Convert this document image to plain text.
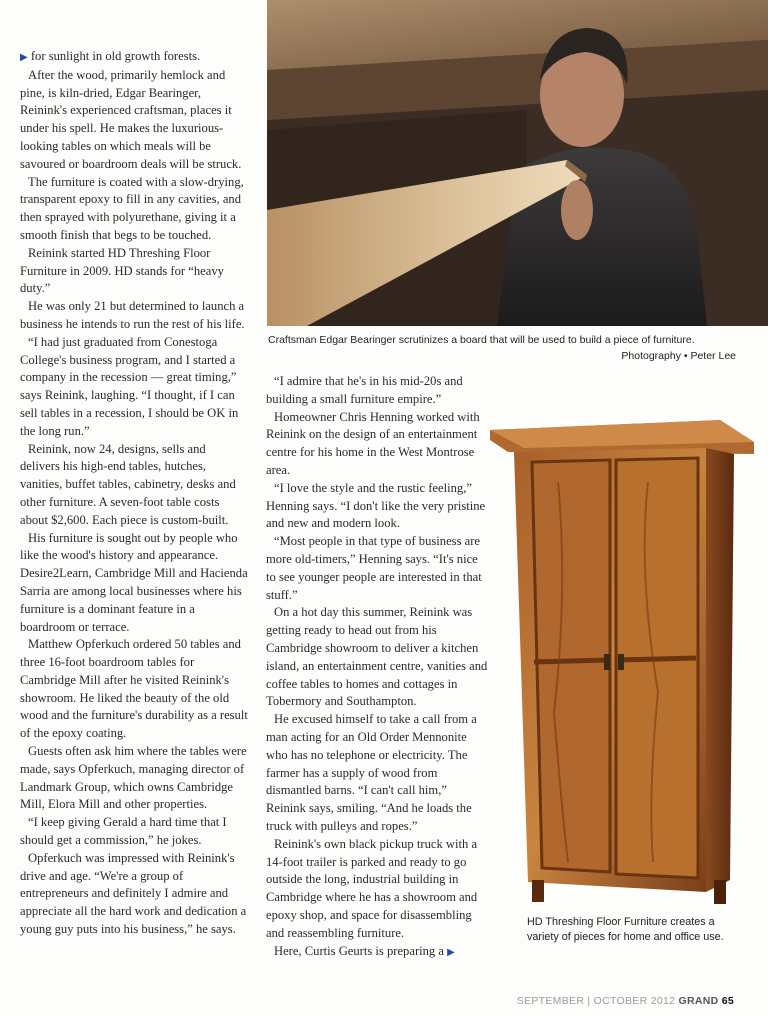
Craftsman Edgar Bearinger scrutinizes a board that will be used to build a piece of furniture.
Photography • Peter Lee

▶ for sunlight in old growth forests.

After the wood, primarily hemlock and pine, is kiln-dried, Edgar Bearinger, Reinink's experienced craftsman, places it under his spell. He makes the luxurious-looking tables on which meals will be savoured or boardroom deals will be struck.

The furniture is coated with a slow-drying, transparent epoxy to fill in any cavities, and then sprayed with polyurethane, giving it a smooth finish that begs to be touched.

Reinink started HD Threshing Floor Furniture in 2009. HD stands for “heavy duty.”

He was only 21 but determined to launch a business he intends to run the rest of his life.

“I had just graduated from Conestoga College's business program, and I started a company in the recession — great timing,” says Reinink, laughing. “I thought, if I can sell tables in a recession, I should be OK in the long run.”

Reinink, now 24, designs, sells and delivers his high-end tables, hutches, vanities, buffet tables, cabinetry, desks and other furniture. A seven-foot table costs about $2,600. Each piece is custom-built.

His furniture is sought out by people who like the wood's history and appearance. Desire2Learn, Cambridge Mill and Hacienda Sarria are among local businesses where his furniture is a dominant feature in a boardroom or terrace.

Matthew Opferkuch ordered 50 tables and three 16-foot boardroom tables for Cambridge Mill after he visited Reinink's showroom. He liked the beauty of the old wood and the furniture's durability as a result of the epoxy coating.

Guests often ask him where the tables were made, says Opferkuch, managing director of Landmark Group, which owns Cambridge Mill, Elora Mill and other properties.

“I keep giving Gerald a hard time that I should get a commission,” he jokes.

Opferkuch was impressed with Reinink's drive and age. “We're a group of entrepreneurs and definitely I admire and appreciate all the hard work and dedication a young guy puts into his business,” he says.

“I admire that he's in his mid-20s and building a small furniture empire.”

Homeowner Chris Henning worked with Reinink on the design of an entertainment centre for his home in the West Montrose area.

“I love the style and the rustic feeling,” Henning says. “I don't like the very pristine and new and modern look.

“Most people in that type of business are more old-timers,” Henning says. “It's nice to see younger people are interested in that stuff.”

On a hot day this summer, Reinink was getting ready to head out from his Cambridge showroom to deliver a kitchen island, an entertainment centre, vanities and coffee tables to homes and cottages in Tobermory and Southampton.

He excused himself to take a call from a man acting for an Old Order Mennonite who has no telephone or electricity. The farmer has a supply of wood from dismantled barns. “I can't call him,” Reinink says, smiling. “And he loads the truck with pulleys and ropes.”

Reinink's own black pickup truck with a 14-foot trailer is parked and ready to go outside the long, industrial building in Cambridge where he has a showroom and epoxy shop, and space for disassembling and reassembling furniture.

Here, Curtis Geurts is preparing a ▶

HD Threshing Floor Furniture creates a variety of pieces for home and office use.
SEPTEMBER | OCTOBER 2012 GRAND 65
